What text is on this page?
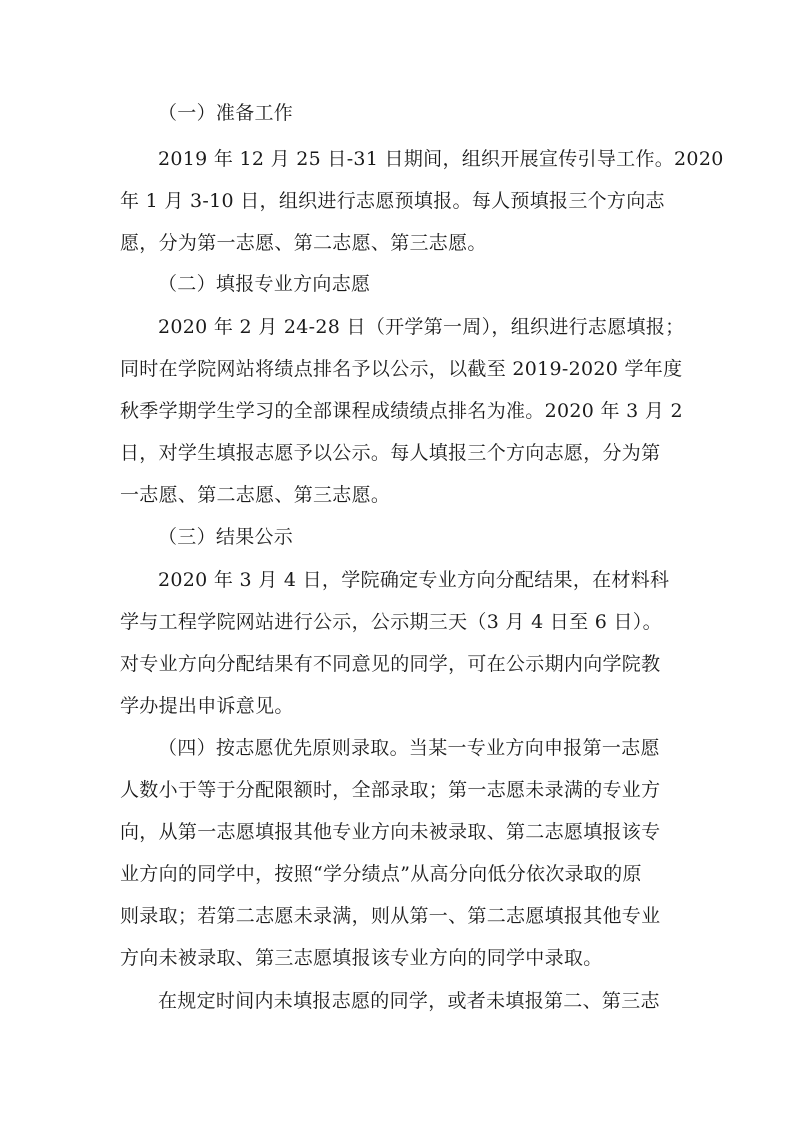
（一）准备工作
2019 年 12 月 25 日-31 日期间，组织开展宣传引导工作。2020
年 1 月 3-10 日，组织进行志愿预填报。每人预填报三个方向志
愿，分为第一志愿、第二志愿、第三志愿。
（二）填报专业方向志愿
2020 年 2 月 24-28 日（开学第一周），组织进行志愿填报；
同时在学院网站将绩点排名予以公示，以截至 2019-2020 学年度
秋季学期学生学习的全部课程成绩绩点排名为准。2020 年 3 月 2
日，对学生填报志愿予以公示。每人填报三个方向志愿，分为第
一志愿、第二志愿、第三志愿。
（三）结果公示
2020 年 3 月 4 日，学院确定专业方向分配结果，在材料科
学与工程学院网站进行公示，公示期三天（3 月 4 日至 6 日）。
对专业方向分配结果有不同意见的同学，可在公示期内向学院教
学办提出申诉意见。
（四）按志愿优先原则录取。当某一专业方向申报第一志愿
人数小于等于分配限额时，全部录取；第一志愿未录满的专业方
向，从第一志愿填报其他专业方向未被录取、第二志愿填报该专
业方向的同学中，按照“学分绩点”从高分向低分依次录取的原
则录取；若第二志愿未录满，则从第一、第二志愿填报其他专业
方向未被录取、第三志愿填报该专业方向的同学中录取。
在规定时间内未填报志愿的同学，或者未填报第二、第三志
